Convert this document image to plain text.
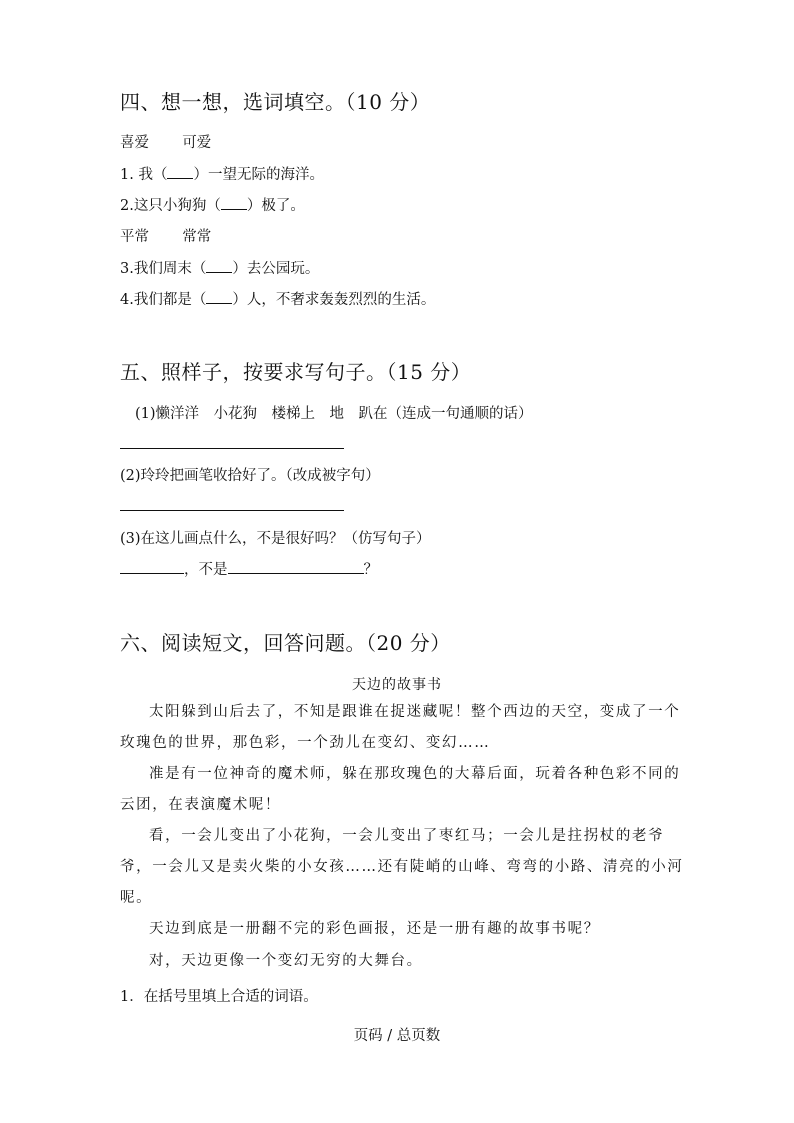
四、想一想，选词填空。（10 分）
喜爱 可爱
1. 我（ ）一望无际的海洋。
2.这只小狗狗（ ）极了。
平常 常常
3.我们周末（ ）去公园玩。
4.我们都是（ ）人，不奢求轰轰烈烈的生活。
五、照样子，按要求写句子。（15 分）
(1)懒洋洋　小花狗　楼梯上　地　趴在（连成一句通顺的话）
(2)玲玲把画笔收拾好了。（改成被字句）
(3)在这儿画点什么，不是很好吗？（仿写句子）
，不是	？
六、阅读短文，回答问题。（20 分）
天边的故事书
太阳躲到山后去了，不知是跟谁在捉迷藏呢！整个西边的天空，变成了一个玫瑰色的世界，那色彩，一个劲儿在变幻、变幻……
准是有一位神奇的魔术师，躲在那玫瑰色的大幕后面，玩着各种色彩不同的云团，在表演魔术呢！
看，一会儿变出了小花狗，一会儿变出了枣红马；一会儿是拄拐杖的老爷爷，一会儿又是卖火柴的小女孩……还有陡峭的山峰、弯弯的小路、清亮的小河呢。
天边到底是一册翻不完的彩色画报，还是一册有趣的故事书呢？
对，天边更像一个变幻无穷的大舞台。
1．在括号里填上合适的词语。
页码 / 总页数
